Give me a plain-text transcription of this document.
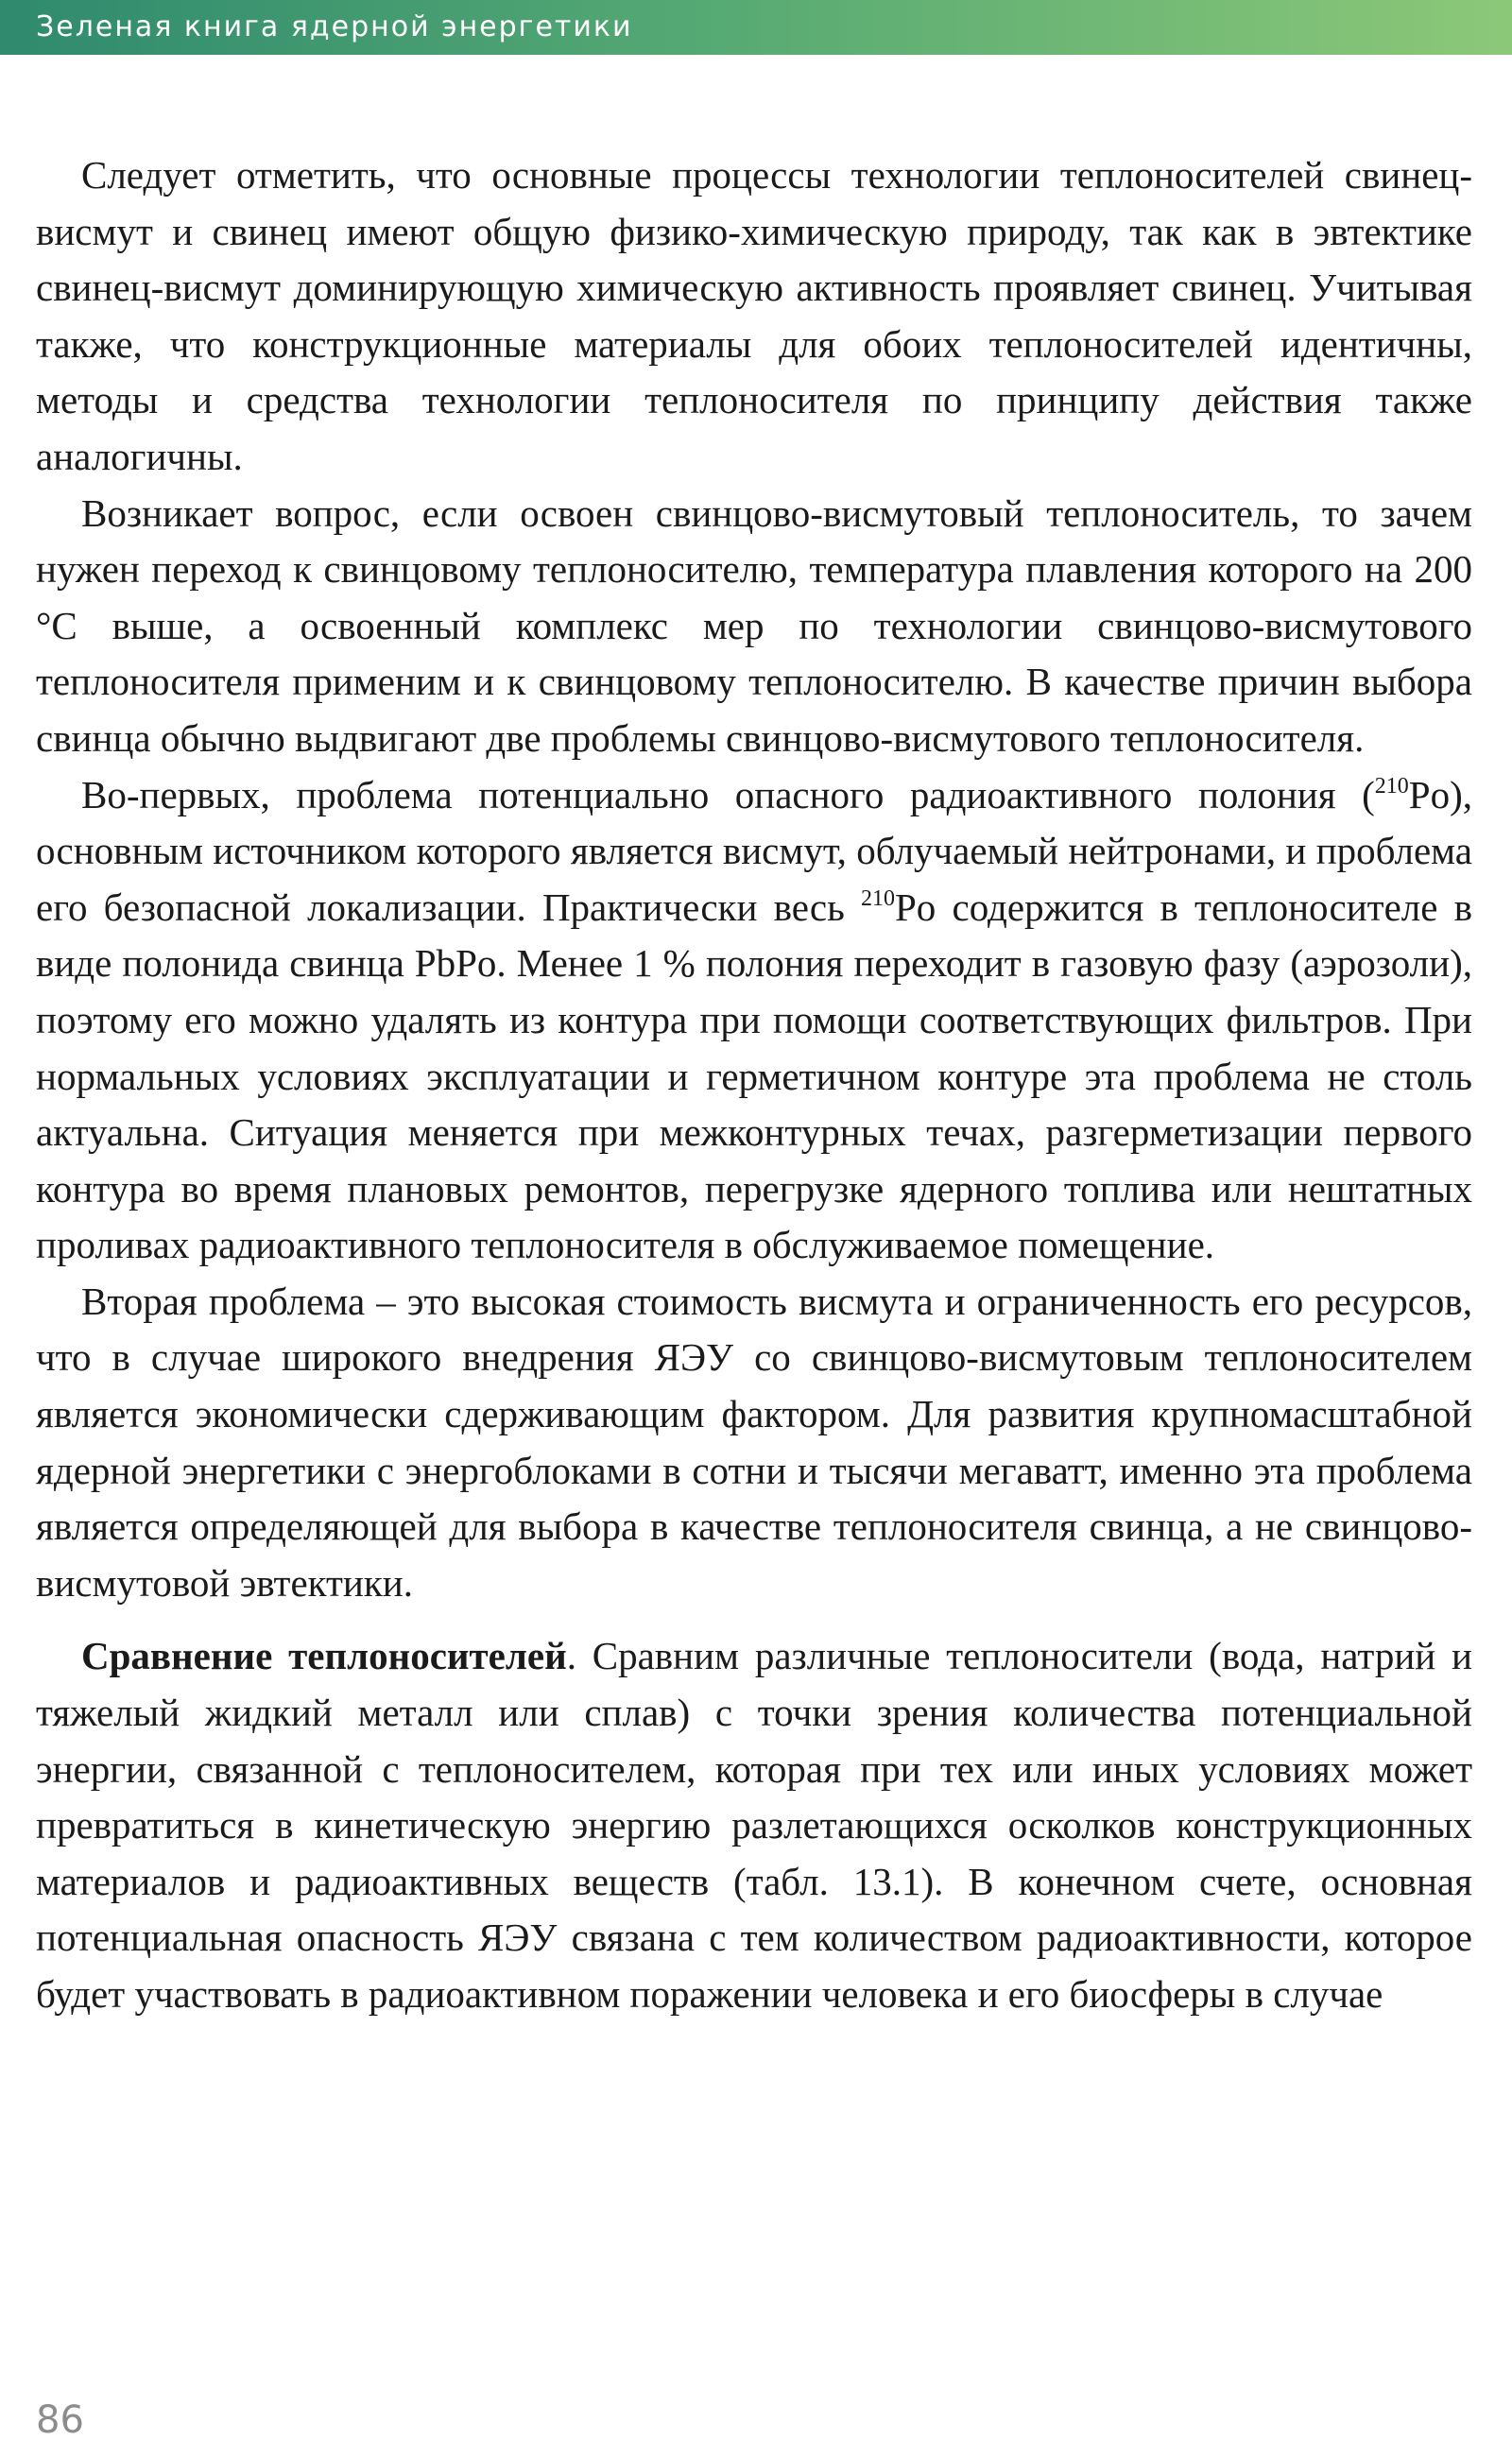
Зеленая книга ядерной энергетики

Следует отметить, что основные процессы технологии теплоносителей свинец-висмут и свинец имеют общую физико-химическую природу, так как в эвтектике свинец-висмут доминирующую химическую активность проявляет свинец. Учитывая также, что конструкционные материалы для обоих теплоносителей идентичны, методы и средства технологии теплоносителя по принципу действия также аналогичны.

Возникает вопрос, если освоен свинцово-висмутовый теплоноситель, то зачем нужен переход к свинцовому теплоносителю, температура плавления которого на 200 °С выше, а освоенный комплекс мер по технологии свинцово-висмутового теплоносителя применим и к свинцовому теплоносителю. В качестве причин выбора свинца обычно выдвигают две проблемы свинцово-висмутового теплоносителя.

Во-первых, проблема потенциально опасного радиоактивного полония ($^{210}$Po), основным источником которого является висмут, облучаемый нейтронами, и проблема его безопасной локализации. Практически весь $^{210}$Po содержится в теплоносителе в виде полонида свинца PbPo. Менее 1 % полония переходит в газовую фазу (аэрозоли), поэтому его можно удалять из контура при помощи соответствующих фильтров. При нормальных условиях эксплуатации и герметичном контуре эта проблема не столь актуальна. Ситуация меняется при межконтурных течах, разгерметизации первого контура во время плановых ремонтов, перегрузке ядерного топлива или нештатных проливах радиоактивного теплоносителя в обслуживаемое помещение.

Вторая проблема – это высокая стоимость висмута и ограниченность его ресурсов, что в случае широкого внедрения ЯЭУ со свинцово-висмутовым теплоносителем является экономически сдерживающим фактором. Для развития крупномасштабной ядерной энергетики с энергоблоками в сотни и тысячи мегаватт, именно эта проблема является определяющей для выбора в качестве теплоносителя свинца, а не свинцово-висмутовой эвтектики.

Сравнение теплоносителей. Сравним различные теплоносители (вода, натрий и тяжелый жидкий металл или сплав) с точки зрения количества потенциальной энергии, связанной с теплоносителем, которая при тех или иных условиях может превратиться в кинетическую энергию разлетающихся осколков конструкционных материалов и радиоактивных веществ (табл. 13.1). В конечном счете, основная потенциальная опасность ЯЭУ связана с тем количеством радиоактивности, которое будет участвовать в радиоактивном поражении человека и его биосферы в случае

86
